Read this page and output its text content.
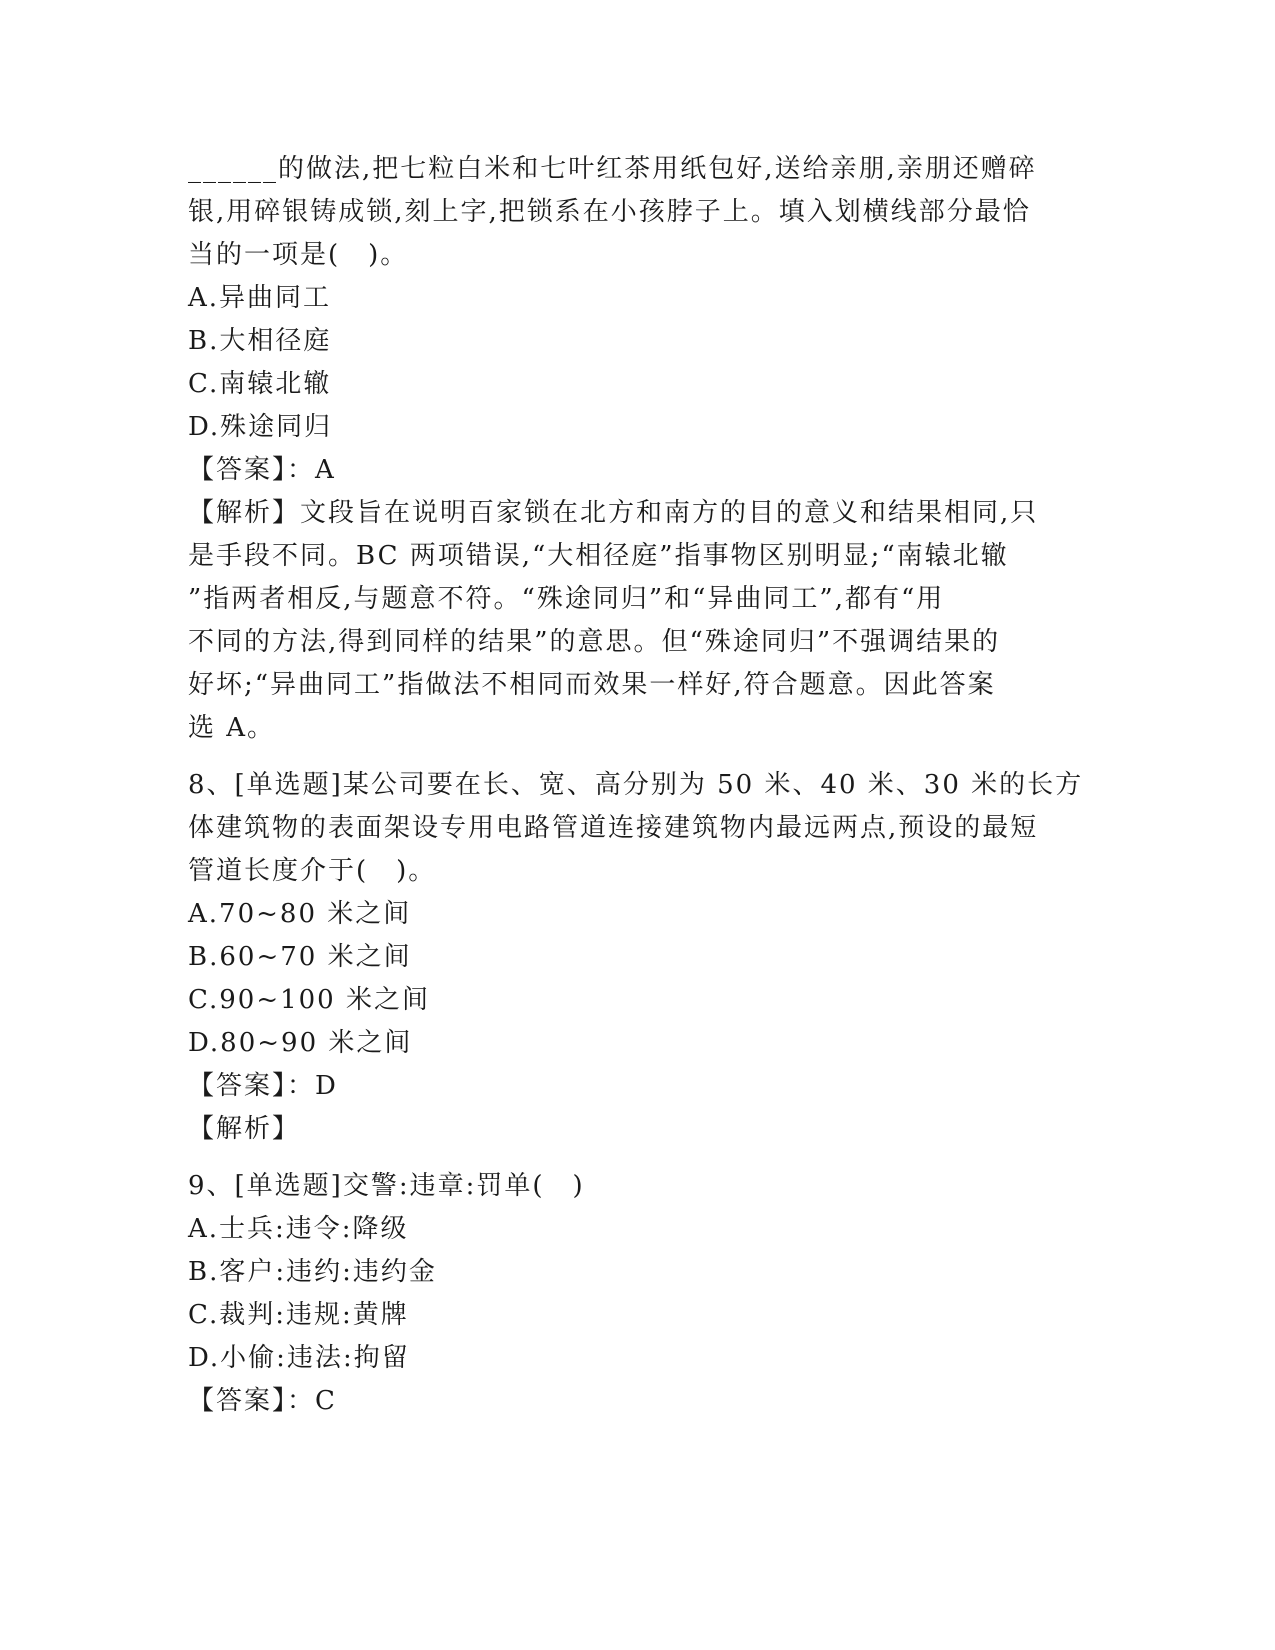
______的做法,把七粒白米和七叶红茶用纸包好,送给亲朋,亲朋还赠碎
银,用碎银铸成锁,刻上字,把锁系在小孩脖子上。填入划横线部分最恰
当的一项是(　)。
A.异曲同工
B.大相径庭
C.南辕北辙
D.殊途同归
【答案】：A
【解析】文段旨在说明百家锁在北方和南方的目的意义和结果相同,只
是手段不同。BC 两项错误,“大相径庭”指事物区别明显;“南辕北辙
”指两者相反,与题意不符。“殊途同归”和“异曲同工”,都有“用
不同的方法,得到同样的结果”的意思。但“殊途同归”不强调结果的
好坏;“异曲同工”指做法不相同而效果一样好,符合题意。因此答案
选 A。
8、[单选题]某公司要在长、宽、高分别为 50 米、40 米、30 米的长方
体建筑物的表面架设专用电路管道连接建筑物内最远两点,预设的最短
管道长度介于(　)。
A.70~80 米之间
B.60~70 米之间
C.90~100 米之间
D.80~90 米之间
【答案】：D
【解析】
9、[单选题]交警:违章:罚单(　)
A.士兵:违令:降级
B.客户:违约:违约金
C.裁判:违规:黄牌
D.小偷:违法:拘留
【答案】：C
